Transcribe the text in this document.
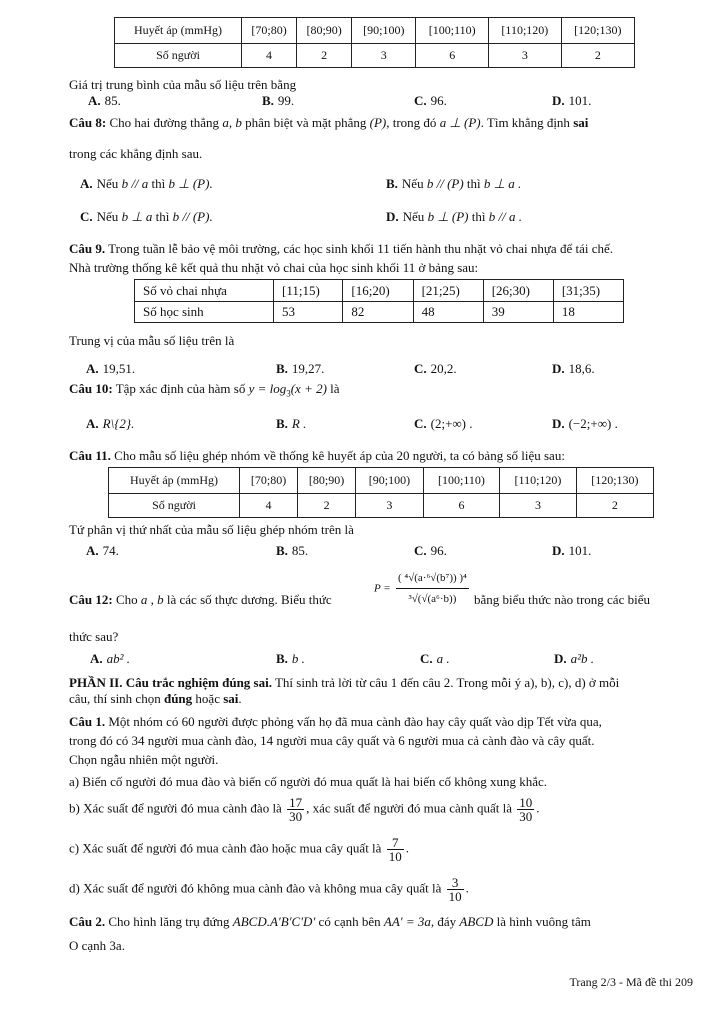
Huyết áp (mmHg)	[70;80)	[80;90)	[90;100)	[100;110)	[110;120)	[120;130)
Số người	4	2	3	6	3	2
Giá trị trung bình của mẫu số liệu trên bằng
A. 85.	B. 99.	C. 96.	D. 101.
Câu 8: Cho hai đường thẳng a, b phân biệt và mặt phẳng (P), trong đó a ⊥ (P). Tìm khẳng định sai
trong các khẳng định sau.
A. Nếu b // a thì b ⊥ (P).	B. Nếu b // (P) thì b ⊥ a .
C. Nếu b ⊥ a thì b // (P).	D. Nếu b ⊥ (P) thì b // a .
Câu 9. Trong tuần lễ bảo vệ môi trường, các học sinh khối 11 tiến hành thu nhặt vỏ chai nhựa để tái chế.
Nhà trường thống kê kết quả thu nhặt vỏ chai của học sinh khối 11 ở bảng sau:
Số vỏ chai nhựa	[11;15)	[16;20)	[21;25)	[26;30)	[31;35)
Số học sinh	53	82	48	39	18
Trung vị của mẫu số liệu trên là
A. 19,51.	B. 19,27.	C. 20,2.	D. 18,6.
Câu 10: Tập xác định của hàm số $y = \log_3(x + 2)$ là
A. R\{2}.	B. R .	C. (2;+∞) .	D. (−2;+∞) .
Câu 11. Cho mẫu số liệu ghép nhóm về thống kê huyết áp của 20 người, ta có bảng số liệu sau:
Huyết áp (mmHg)	[70;80)	[80;90)	[90;100)	[100;110)	[110;120)	[120;130)
Số người	4	2	3	6	3	2
Tứ phân vị thứ nhất của mẫu số liệu ghép nhóm trên là
A. 74.	B. 85.	C. 96.	D. 101.
Câu 12: Cho a , b là các số thực dương. Biểu thức
$P = \frac{\text{( ⁴√(a·⁶√(b⁷)) )⁴}}{\text{³√(√(a⁶·b))}}$ bằng biểu thức nào trong các biểu
thức sau?
A. ab² .	B. b .	C. a .	D. a²b .
PHẦN II. Câu trắc nghiệm đúng sai. Thí sinh trả lời từ câu 1 đến câu 2. Trong mỗi ý a), b), c), d) ở mỗi
câu, thí sinh chọn đúng hoặc sai.
Câu 1. Một nhóm có 60 người được phỏng vấn họ đã mua cành đào hay cây quất vào dịp Tết vừa qua,
trong đó có 34 người mua cành đào, 14 người mua cây quất và 6 người mua cả cành đào và cây quất.
Chọn ngẫu nhiên một người.
a) Biến cố người đó mua đào và biến cố người đó mua quất là hai biến cố không xung khắc.
b) Xác suất để người đó mua cành đào là $\frac{17}{30}$ , xác suất để người đó mua cành quất là $\frac{10}{30}$ .
c) Xác suất để người đó mua cành đào hoặc mua cây quất là $\frac{7}{10}$ .
d) Xác suất để người đó không mua cành đào và không mua cây quất là $\frac{3}{10}$ .
Câu 2. Cho hình lăng trụ đứng ABCD.A′B′C′D′ có cạnh bên AA′ = 3a, đáy ABCD là hình vuông tâm
O cạnh 3a.
Trang 2/3 - Mã đề thi 209
